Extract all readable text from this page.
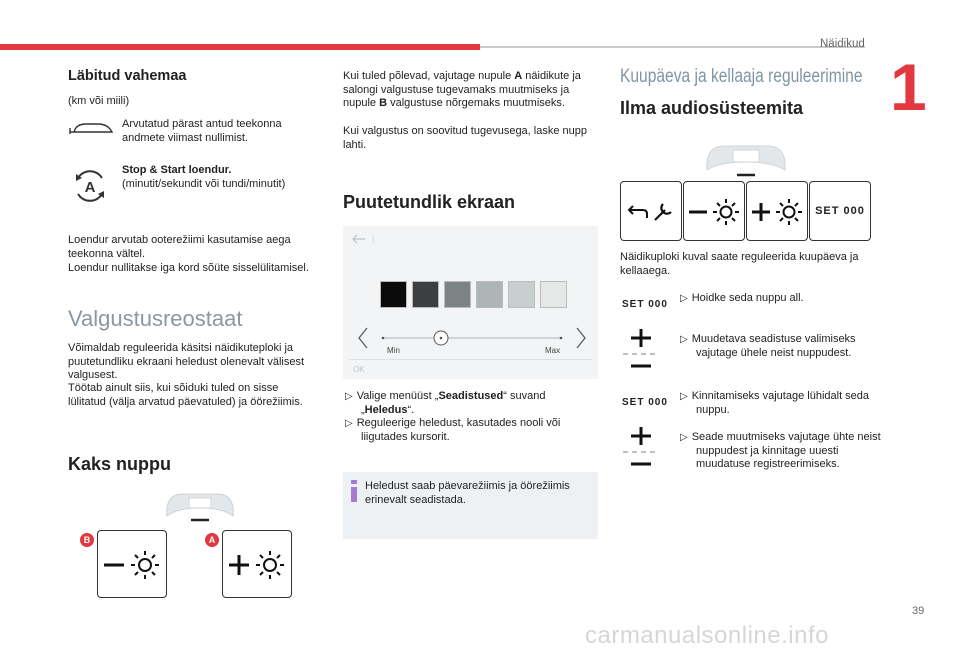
Näidikud
1
Läbitud vahemaa

(km või miili)

Arvutatud pärast antud teekonna andmete viimast nullimist.

A

Stop & Start loendur.

(minutit/sekundit või tundi/minutit)

Loendur arvutab ooterežiimi kasutamise aega teekonna vältel.

Loendur nullitakse iga kord sõüte sisselülitamisel.

Valgustusreostaat

Võimaldab reguleerida käsitsi näidikuteploki ja puutetundliku ekraani heledust olenevalt välisest valgusest.

Töötab ainult siis, kui sõiduki tuled on sisse lülitatud (välja arvatud päevatuled) ja öörežiimis.

Kaks nuppu
B	A

Kui tuled põlevad, vajutage nupule A näidikute ja salongi valgustuse tugevamaks muutmiseks ja nupule B valgustuse nõrgemaks muutmiseks.

Kui valgustus on soovitud tugevusega, laske nupp lahti.

Puutetundlik ekraan
Min	Max
OK

▷ Valige menüüst „Seadistused“ suvand „Heledus“.

▷ Reguleerige heledust, kasutades nooli või liigutades kursorit.

Heledust saab päevarežiimis ja öörežiimis erinevalt seadistada.

Kuupäeva ja kellaaja reguleerimine
Ilma audiosüsteemita
SET 000

Näidikuploki kuval saate reguleerida kuupäeva ja kellaaega.

SET 000

▷ Hoidke seda nuppu all.

▷ Muudetava seadistuse valimiseks vajutage ühele neist nuppudest.

SET 000

▷ Kinnitamiseks vajutage lühidalt seda nuppu.

▷ Seade muutmiseks vajutage ühte neist nuppudest ja kinnitage uuesti muudatuse registreerimiseks.

39
carmanualsonline.info
